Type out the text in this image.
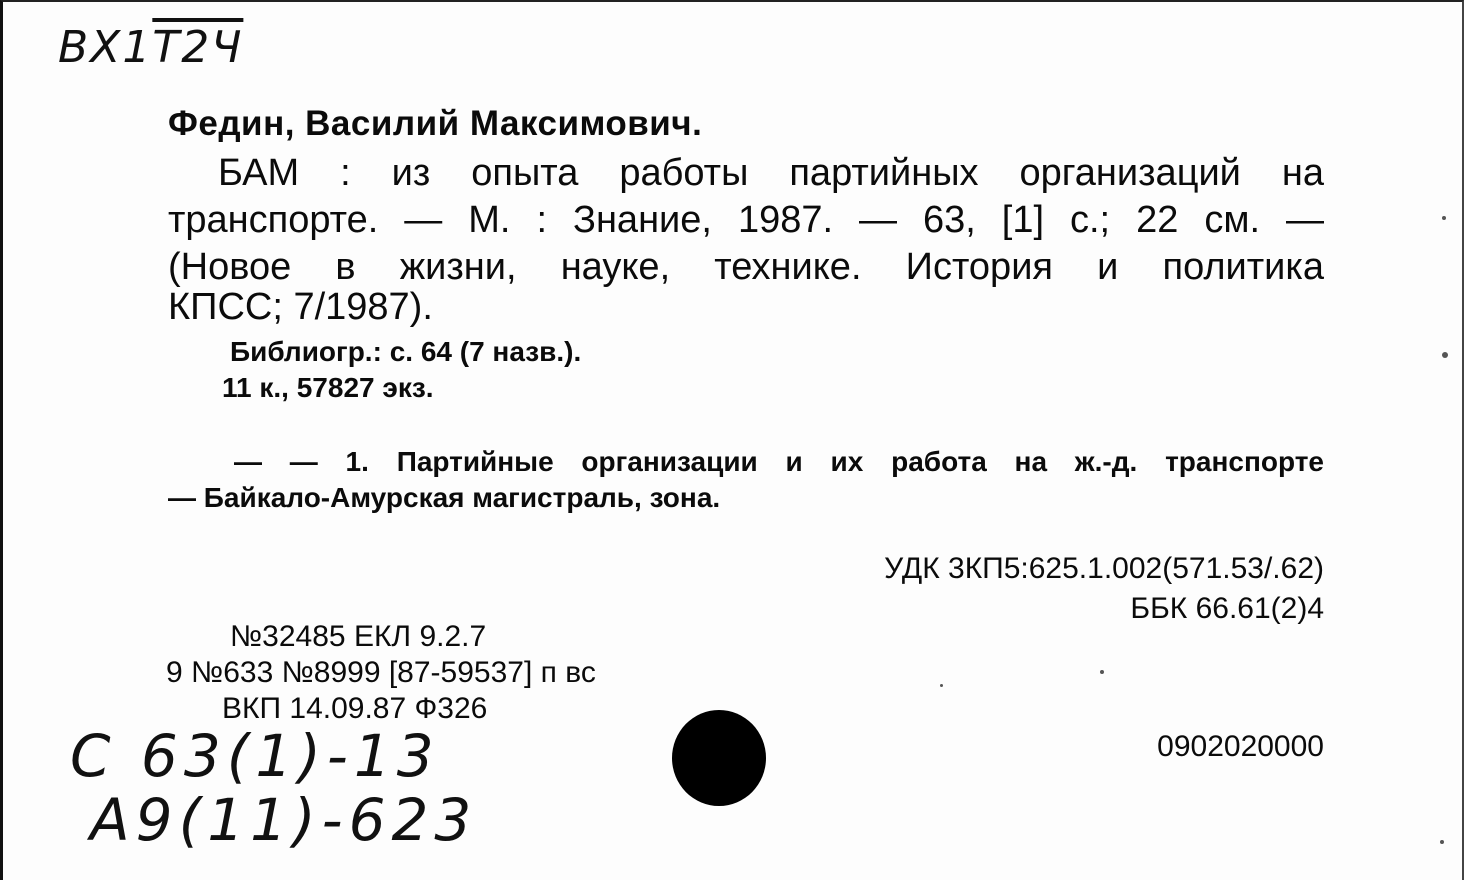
BX1T2Ч
Федин, Василий Максимович.
БАМ : из опыта работы партийных организаций на
транспорте. — М. : Знание, 1987. — 63, [1] с.; 22 см. —
(Новое в жизни, науке, технике. История и политика
КПСС; 7/1987).
Библиогр.: с. 64 (7 назв.).
11 к., 57827 экз.
— — 1. Партийные организации и их работа на ж.-д. транспорте
— Байкало-Амурская магистраль, зона.
УДК 3КП5:625.1.002(571.53/.62)
ББК 66.61(2)4
№32485 ЕКЛ 9.2.7
9 №633 №8999 [87-59537] п вс
ВКП 14.09.87 Ф326
0902020000
С 63(1)-13
А9(11)-623
